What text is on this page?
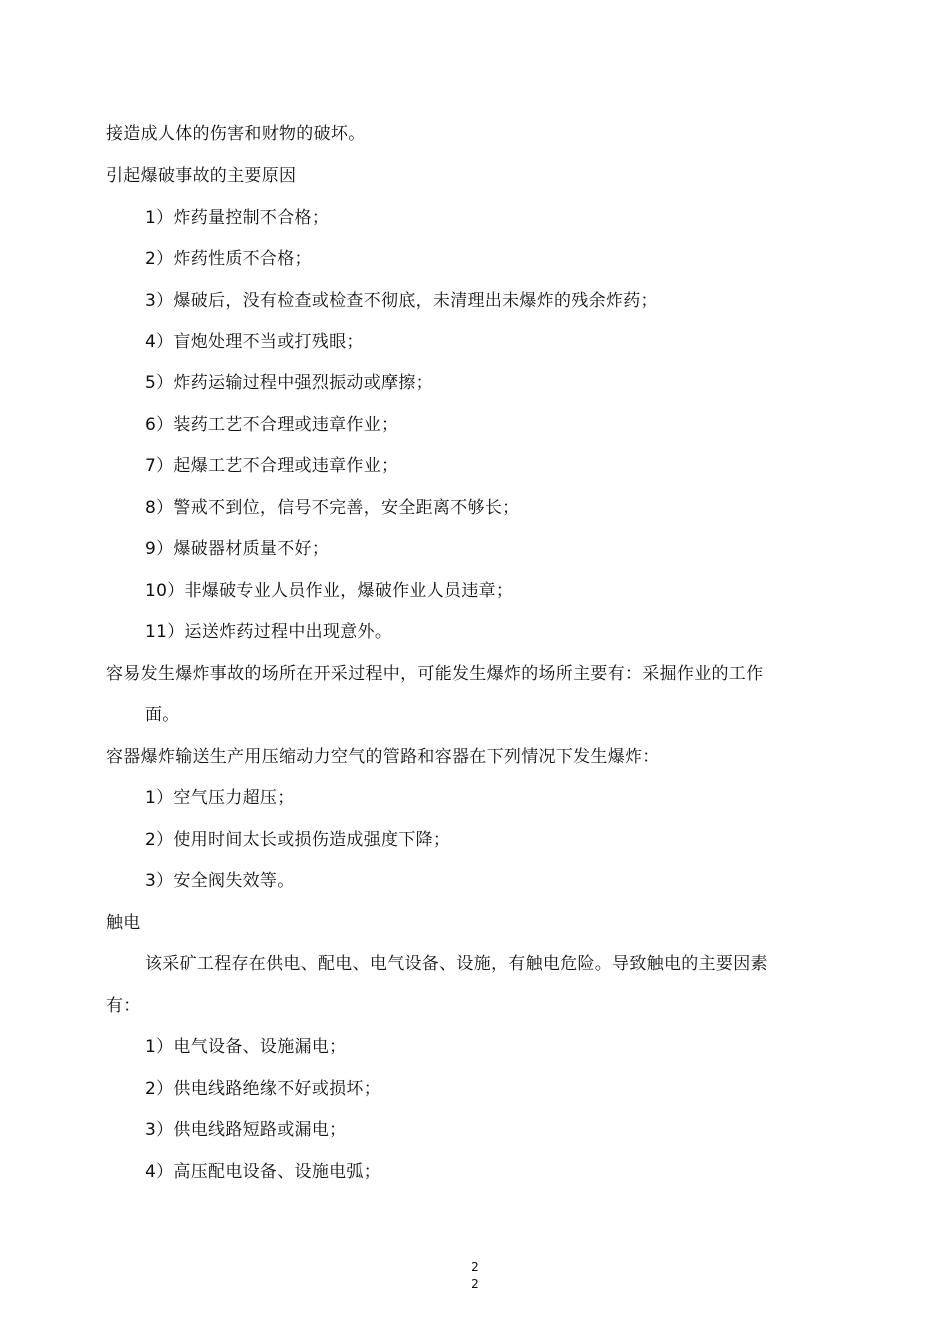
接造成人体的伤害和财物的破坏。
引起爆破事故的主要原因
1）炸药量控制不合格；
2）炸药性质不合格；
3）爆破后，没有检查或检查不彻底，未清理出未爆炸的残余炸药；
4）盲炮处理不当或打残眼；
5）炸药运输过程中强烈振动或摩擦；
6）装药工艺不合理或违章作业；
7）起爆工艺不合理或违章作业；
8）警戒不到位，信号不完善，安全距离不够长；
9）爆破器材质量不好；
10）非爆破专业人员作业，爆破作业人员违章；
11）运送炸药过程中出现意外。
容易发生爆炸事故的场所在开采过程中，可能发生爆炸的场所主要有：采掘作业的工作
面。
容器爆炸输送生产用压缩动力空气的管路和容器在下列情况下发生爆炸：
1）空气压力超压；
2）使用时间太长或损伤造成强度下降；
3）安全阀失效等。
触电
该采矿工程存在供电、配电、电气设备、设施，有触电危险。导致触电的主要因素
有：
1）电气设备、设施漏电；
2）供电线路绝缘不好或损坏；
3）供电线路短路或漏电；
4）高压配电设备、设施电弧；
2
2
